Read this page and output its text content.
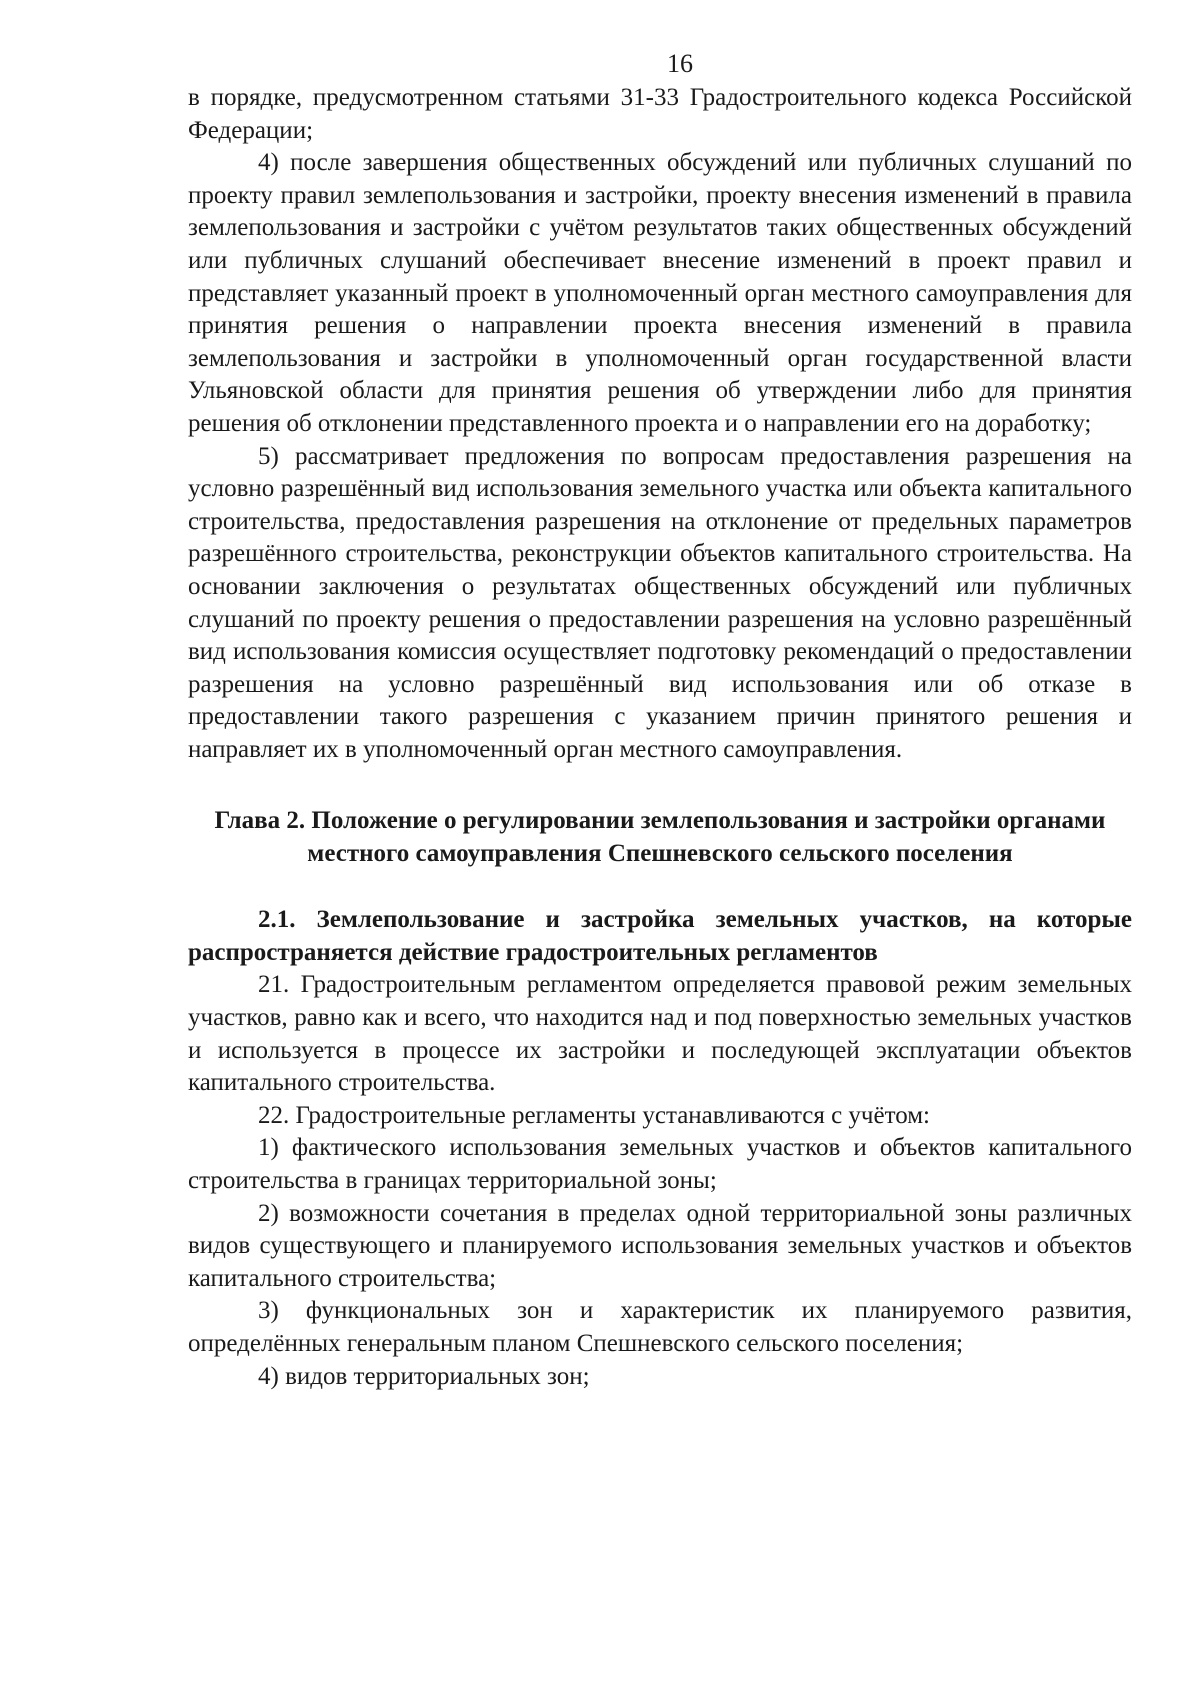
16

в порядке, предусмотренном статьями 31-33 Градостроительного кодекса Российской Федерации;

4) после завершения общественных обсуждений или публичных слушаний по проекту правил землепользования и застройки, проекту внесения изменений в правила землепользования и застройки с учётом результатов таких общественных обсуждений или публичных слушаний обеспечивает внесение изменений в проект правил и представляет указанный проект в уполномоченный орган местного самоуправления для принятия решения о направлении проекта внесения изменений в правила землепользования и застройки в уполномоченный орган государственной власти Ульяновской области для принятия решения об утверждении либо для принятия решения об отклонении представленного проекта и о направлении его на доработку;

5) рассматривает предложения по вопросам предоставления разрешения на условно разрешённый вид использования земельного участка или объекта капитального строительства, предоставления разрешения на отклонение от предельных параметров разрешённого строительства, реконструкции объектов капитального строительства. На основании заключения о результатах общественных обсуждений или публичных слушаний по проекту решения о предоставлении разрешения на условно разрешённый вид использования комиссия осуществляет подготовку рекомендаций о предоставлении разрешения на условно разрешённый вид использования или об отказе в предоставлении такого разрешения с указанием причин принятого решения и направляет их в уполномоченный орган местного самоуправления.

Глава 2. Положение о регулировании землепользования и застройки органами местного самоуправления Спешневского сельского поселения
2.1. Землепользование и застройка земельных участков, на которые распространяется действие градостроительных регламентов

21. Градостроительным регламентом определяется правовой режим земельных участков, равно как и всего, что находится над и под поверхностью земельных участков и используется в процессе их застройки и последующей эксплуатации объектов капитального строительства.

22. Градостроительные регламенты устанавливаются с учётом:

1) фактического использования земельных участков и объектов капитального строительства в границах территориальной зоны;

2) возможности сочетания в пределах одной территориальной зоны различных видов существующего и планируемого использования земельных участков и объектов капитального строительства;

3) функциональных зон и характеристик их планируемого развития, определённых генеральным планом Спешневского сельского поселения;

4) видов территориальных зон;
